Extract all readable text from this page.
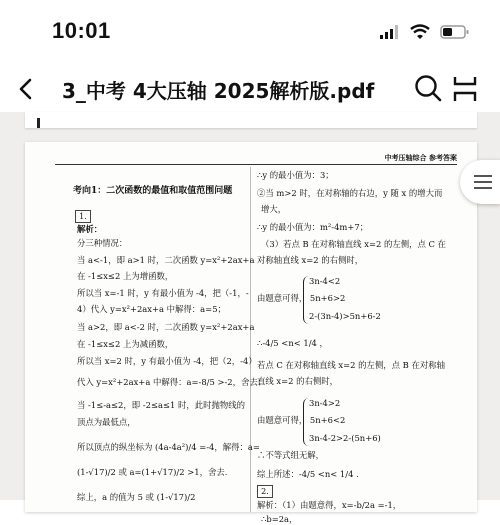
10:01
3_中考 4大压轴 2025解析版.pdf
中考压轴综合 参考答案
考向1：二次函数的最值和取值范围问题
1.
解析：
分三种情况：
当 a<-1，即 a>1 时，二次函数 y=x²+2ax+a
在 -1≤x≤2 上为增函数，
所以当 x=-1 时，y 有最小值为 -4，把（-1，-
4）代入 y=x²+2ax+a 中解得：a=5；
当 a>2，即 a<-2 时，二次函数 y=x²+2ax+a
在 -1≤x≤2 上为减函数，
所以当 x=2 时，y 有最小值为 -4，把（2，-4）
代入 y=x²+2ax+a 中解得：a=-8/5 >-2，舍去；
当 -1≤-a≤2，即 -2≤a≤1 时，此时抛物线的
顶点为最低点，
所以顶点的纵坐标为 (4a-4a²)/4 =-4，解得：a=
(1-√17)/2 或 a=(1+√17)/2 >1，舍去.
综上，a 的值为 5 或 (1-√17)/2
∴y 的最小值为：3；
②当 m>2 时，在对称轴的右边，y 随 x 的增大而
增大，
∴y 的最小值为：m²-4m+7；
（3）若点 B 在对称轴直线 x=2 的左侧，点 C 在
对称轴直线 x=2 的右侧时，
3n-4<2
由题意可得， 5n+6>2
2-(3n-4)>5n+6-2
∴-4/5 <n< 1/4 ，
若点 C 在对称轴直线 x=2 的左侧，点 B 在对称轴
直线 x=2 的右侧时，
3n-4>2
由题意可得， 5n+6<2
3n-4-2>2-(5n+6)
∴不等式组无解，
综上所述：-4/5 <n< 1/4 .
2.
解析：（1）由题意得，x=-b/2a =-1，
∴b=2a，
